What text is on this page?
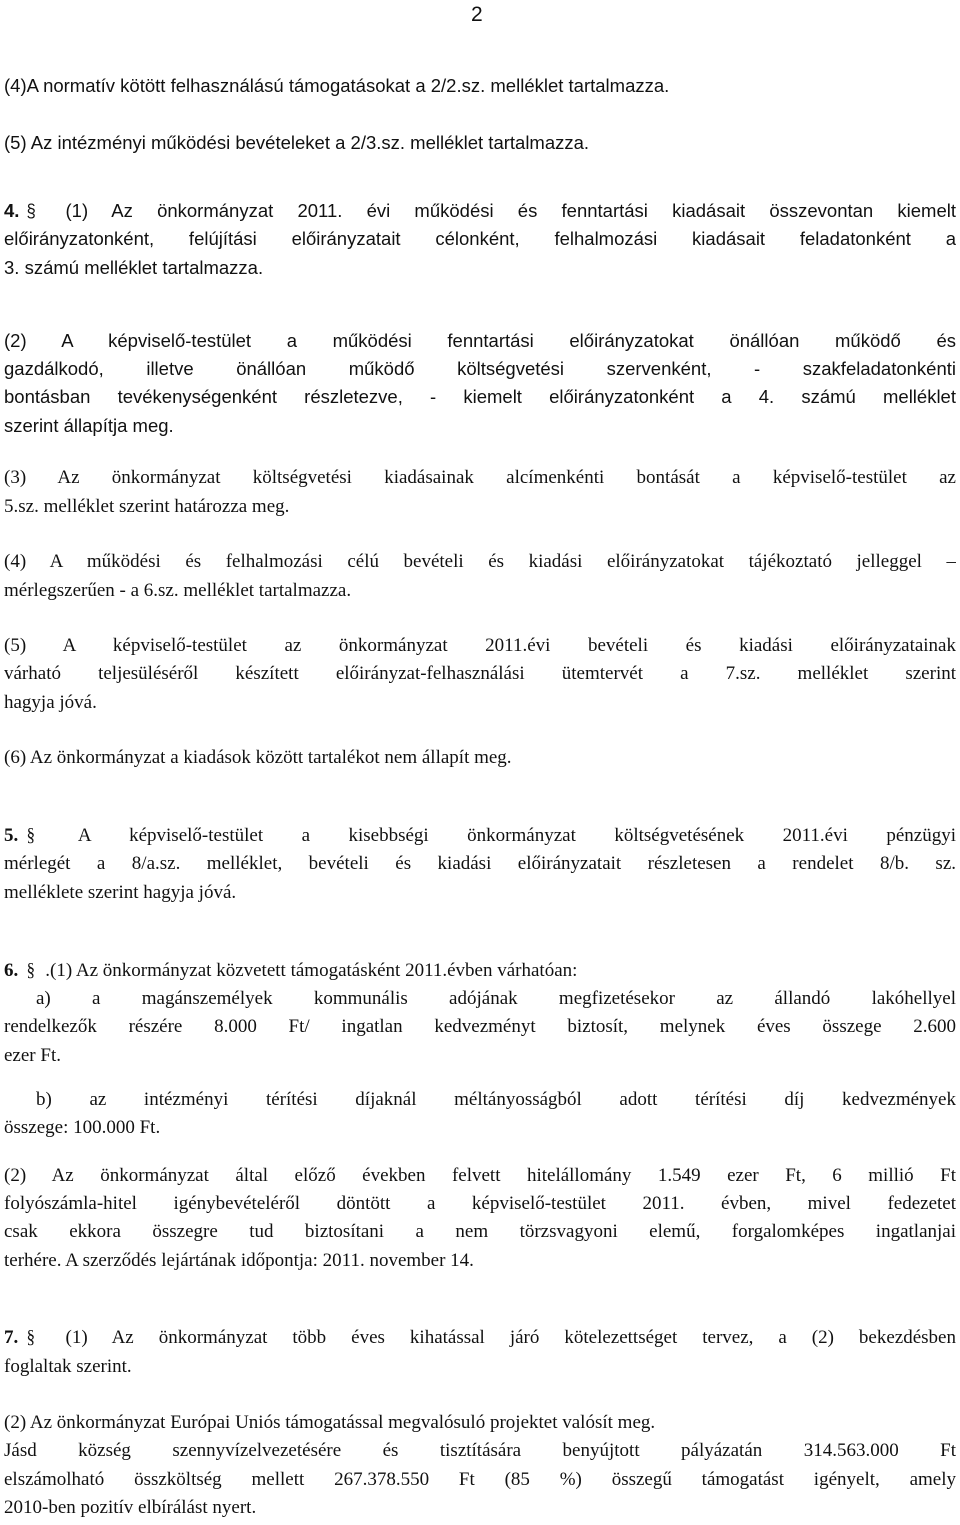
2
(4)A normatív kötött felhasználású támogatásokat a 2/2.sz. melléklet tartalmazza.
(5) Az intézményi működési bevételeket a 2/3.sz. melléklet tartalmazza.
4. § (1) Az önkormányzat 2011. évi működési és fenntartási kiadásait összevontan kiemelt
előirányzatonként, felújítási előirányzatait célonként, felhalmozási kiadásait feladatonként a
3. számú melléklet tartalmazza.
(2) A képviselő-testület a működési fenntartási előirányzatokat önállóan működő és
gazdálkodó, illetve önállóan működő költségvetési szervenként, - szakfeladatonkénti
bontásban tevékenységenként részletezve, - kiemelt előirányzatonként a 4. számú melléklet
szerint állapítja meg.
(3) Az önkormányzat költségvetési kiadásainak alcímenkénti bontását a képviselő-testület az
5.sz. melléklet szerint határozza meg.
(4) A működési és felhalmozási célú bevételi és kiadási előirányzatokat tájékoztató jelleggel –
mérlegszerűen - a 6.sz. melléklet tartalmazza.
(5) A képviselő-testület az önkormányzat 2011.évi bevételi és kiadási előirányzatainak
várható teljesüléséről készített előirányzat-felhasználási ütemtervét a 7.sz. melléklet szerint
hagyja jóvá.
(6) Az önkormányzat a kiadások között tartalékot nem állapít meg.
5. § A képviselő-testület a kisebbségi önkormányzat költségvetésének 2011.évi pénzügyi
mérlegét a 8/a.sz. melléklet, bevételi és kiadási előirányzatait részletesen a rendelet 8/b. sz.
melléklete szerint hagyja jóvá.
6. § .(1) Az önkormányzat közvetett támogatásként 2011.évben várhatóan:
a) a magánszemélyek kommunális adójának megfizetésekor az állandó lakóhellyel
rendelkezők részére 8.000 Ft/ ingatlan kedvezményt biztosít, melynek éves összege 2.600
ezer Ft.
b) az intézményi térítési díjaknál méltányosságból adott térítési díj kedvezmények
összege: 100.000 Ft.
(2) Az önkormányzat által előző években felvett hitelállomány 1.549 ezer Ft, 6 millió Ft
folyószámla-hitel igénybevételéről döntött a képviselő-testület 2011. évben, mivel fedezetet
csak ekkora összegre tud biztosítani a nem törzsvagyoni elemű, forgalomképes ingatlanjai
terhére. A szerződés lejártának időpontja: 2011. november 14.
7. § (1) Az önkormányzat több éves kihatással járó kötelezettséget tervez, a (2) bekezdésben
foglaltak szerint.
(2) Az önkormányzat Európai Uniós támogatással megvalósuló projektet valósít meg.
Jásd község szennyvízelvezetésére és tisztítására benyújtott pályázatán 314.563.000 Ft
elszámolható összköltség mellett 267.378.550 Ft (85 %) összegű támogatást igényelt, amely
2010-ben pozitív elbírálást nyert.
